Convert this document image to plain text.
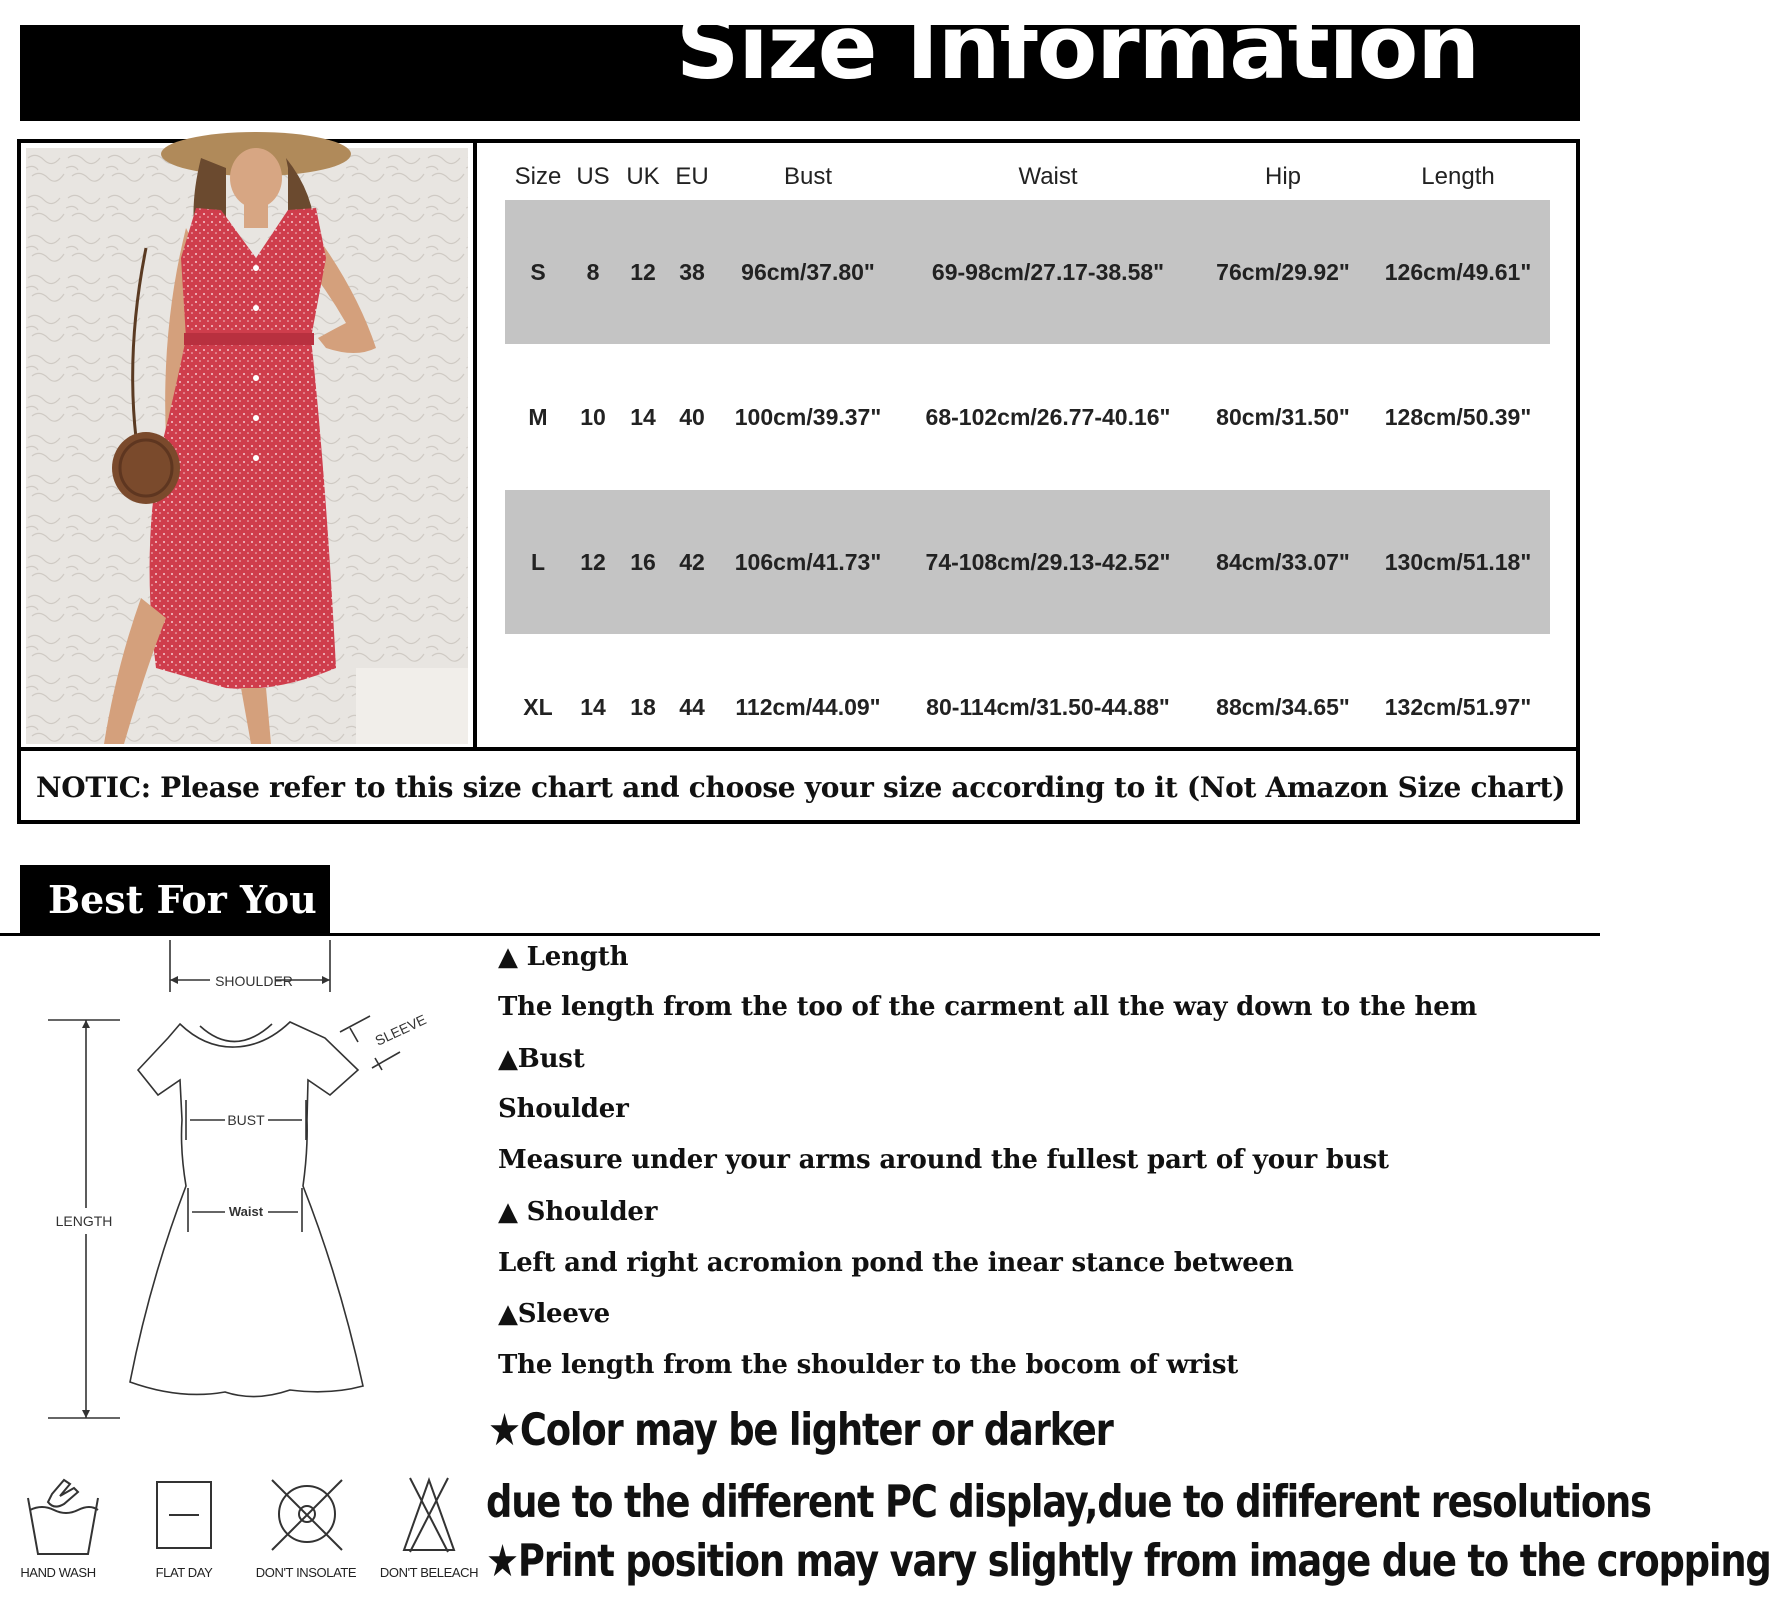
Size Information
Size US UK EU	Bust	Waist	Hip	Length
S	8	12	38	96cm/37.80"	69-98cm/27.17-38.58"	76cm/29.92"	126cm/49.61"
M	10	14	40	100cm/39.37"	68-102cm/26.77-40.16"	80cm/31.50"	128cm/50.39"
L	12	16	42	106cm/41.73"	74-108cm/29.13-42.52"	84cm/33.07"	130cm/51.18"
XL	14	18	44	112cm/44.09"	80-114cm/31.50-44.88"	88cm/34.65"	132cm/51.97"
NOTIC: Please refer to this size chart and choose your size according to it (Not Amazon Size chart)
Best For You
SHOULDER
SLEEVE
BUST
Waist
LENGTH
▲ Length
The length from the too of the carment all the way down to the hem
▲Bust
Shoulder
Measure under your arms around the fullest part of your bust
▲ Shoulder
Left and right acromion pond the inear stance between
▲Sleeve
The length from the shoulder to the bocom of wrist
★Color may be lighter or darker
due to the different PC display,due to dififerent resolutions
★Print position may vary slightly from image due to the cropping
HAND WASH	FLAT DAY	DON'T INSOLATE	DON'T BELEACH
